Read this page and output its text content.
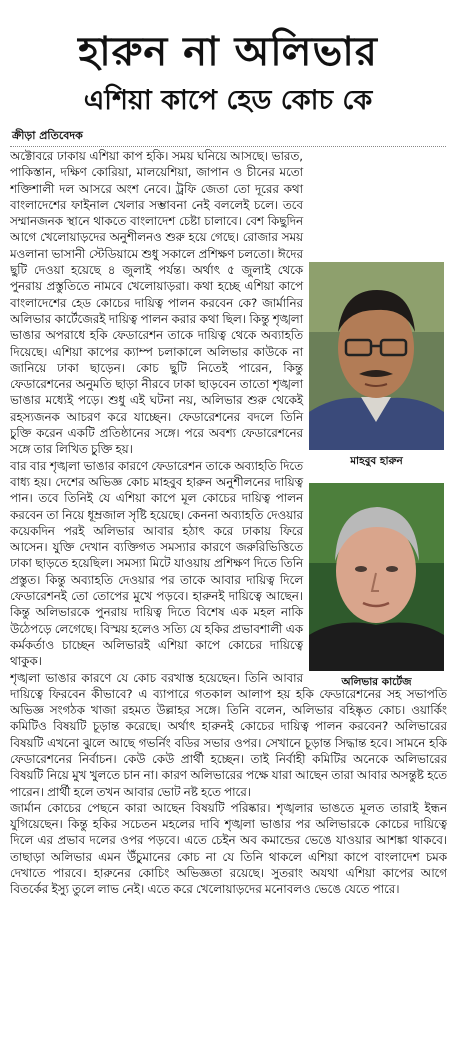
হারুন না অলিভার
এশিয়া কাপে হেড কোচ কে
ক্রীড়া প্রতিবেদক
মাহবুব হারুন
অলিভার কার্টেজ

অক্টোবরে ঢাকায় এশিয়া কাপ হকি। সময় ঘনিয়ে আসছে। ভারত, পাকিস্তান, দক্ষিণ কোরিয়া, মালয়েশিয়া, জাপান ও চীনের মতো শক্তিশালী দল আসরে অংশ নেবে। ট্রফি জেতা তো দূরের কথা বাংলাদেশের ফাইনাল খেলার সম্ভাবনা নেই বললেই চলে। তবে সম্মানজনক স্থানে থাকতে বাংলাদেশ চেষ্টা চালাবে। বেশ কিছুদিন আগে খেলোয়াড়দের অনুশীলনও শুরু হয়ে গেছে। রোজার সময় মওলানা ভাসানী স্টেডিয়ামে শুধু সকালে প্রশিক্ষণ চলতো। ঈদের ছুটি দেওয়া হয়েছে ৪ জুলাই পর্যন্ত। অর্থাৎ ৫ জুলাই থেকে পুনরায় প্রস্তুতিতে নামবে খেলোয়াড়রা। কথা হচ্ছে এশিয়া কাপে বাংলাদেশের হেড কোচের দায়িত্ব পালন করবেন কে? জার্মানির অলিভার কার্টেজেরই দায়িত্ব পালন করার কথা ছিল। কিন্তু শৃঙ্খলা ভাঙার অপরাধে হকি ফেডারেশন তাকে দায়িত্ব থেকে অব্যাহতি দিয়েছে। এশিয়া কাপের ক্যাম্প চলাকালে অলিভার কাউকে না জানিয়ে ঢাকা ছাড়েন। কোচ ছুটি নিতেই পারেন, কিন্তু ফেডারেশনের অনুমতি ছাড়া নীরবে ঢাকা ছাড়বেন তাতো শৃঙ্খলা ভাঙার মধ্যেই পড়ে। শুধু এই ঘটনা নয়, অলিভার শুরু থেকেই রহস্যজনক আচরণ করে যাচ্ছেন। ফেডারেশনের বদলে তিনি চুক্তি করেন একটি প্রতিষ্ঠানের সঙ্গে। পরে অবশ্য ফেডারেশনের সঙ্গে তার লিখিত চুক্তি হয়।

বার বার শৃঙ্খলা ভাঙার কারণে ফেডারেশন তাকে অব্যাহতি দিতে বাধ্য হয়। দেশের অভিজ্ঞ কোচ মাহবুব হারুন অনুশীলনের দায়িত্ব পান। তবে তিনিই যে এশিয়া কাপে মূল কোচের দায়িত্ব পালন করবেন তা নিয়ে ধূম্রজাল সৃষ্টি হয়েছে। কেননা অব্যাহতি দেওয়ার কয়েকদিন পরই অলিভার আবার হঠাৎ করে ঢাকায় ফিরে আসেন। যুক্তি দেখান ব্যক্তিগত সমস্যার কারণে জরুরিভিত্তিতে ঢাকা ছাড়তে হয়েছিল। সমস্যা মিটে যাওয়ায় প্রশিক্ষণ দিতে তিনি প্রস্তুত। কিন্তু অব্যাহতি দেওয়ার পর তাকে আবার দায়িত্ব দিলে ফেডারেশনই তো তোপের মুখে পড়বে। হারুনই দায়িত্বে আছেন। কিন্তু অলিভারকে পুনরায় দায়িত্ব দিতে বিশেষ এক মহল নাকি উঠেপড়ে লেগেছে। বিস্ময় হলেও সত্যি যে হকির প্রভাবশালী এক কর্মকর্তাও চাচ্ছেন অলিভারই এশিয়া কাপে কোচের দায়িত্বে থাকুক।

শৃঙ্খলা ভাঙার কারণে যে কোচ বরখাস্ত হয়েছেন। তিনি আবার দায়িত্বে ফিরবেন কীভাবে? এ ব্যাপারে গতকাল আলাপ হয় হকি ফেডারেশনের সহ সভাপতি অভিজ্ঞ সংগঠক খাজা রহমত উল্লাহর সঙ্গে। তিনি বলেন, অলিভার বহিষ্কৃত কোচ। ওয়ার্কিং কমিটিও বিষয়টি চূড়ান্ত করেছে। অর্থাৎ হারুনই কোচের দায়িত্ব পালন করবেন? অলিভারের বিষয়টি এখনো ঝুলে আছে গভর্নিং বডির সভার ওপর। সেখানে চূড়ান্ত সিদ্ধান্ত হবে। সামনে হকি ফেডারেশনের নির্বাচন। কেউ কেউ প্রার্থী হচ্ছেন। তাই নির্বাহী কমিটির অনেকে অলিভারের বিষয়টি নিয়ে মুখ খুলতে চান না। কারণ অলিভারের পক্ষে যারা আছেন তারা আবার অসন্তুষ্ট হতে পারেন। প্রার্থী হলে তখন আবার ভোট নষ্ট হতে পারে।

জার্মান কোচের পেছনে কারা আছেন বিষয়টি পরিষ্কার। শৃঙ্খলার ভাঙতে মূলত তারাই ইন্ধন যুগিয়েছেন। কিন্তু হকির সচেতন মহলের দাবি শৃঙ্খলা ভাঙার পর অলিভারকে কোচের দায়িত্বে দিলে এর প্রভাব দলের ওপর পড়বে। এতে চেইন অব কমান্ডের ভেঙে যাওয়ার আশঙ্কা থাকবে। তাছাড়া অলিভার এমন উঁচুমানের কোচ না যে তিনি থাকলে এশিয়া কাপে বাংলাদেশ চমক দেখাতে পারবে। হারুনের কোচিং অভিজ্ঞতা রয়েছে। সুতরাং অযথা এশিয়া কাপের আগে বিতর্কের ইস্যু তুলে লাভ নেই। এতে করে খেলোয়াড়দের মনোবলও ভেঙে যেতে পারে।
